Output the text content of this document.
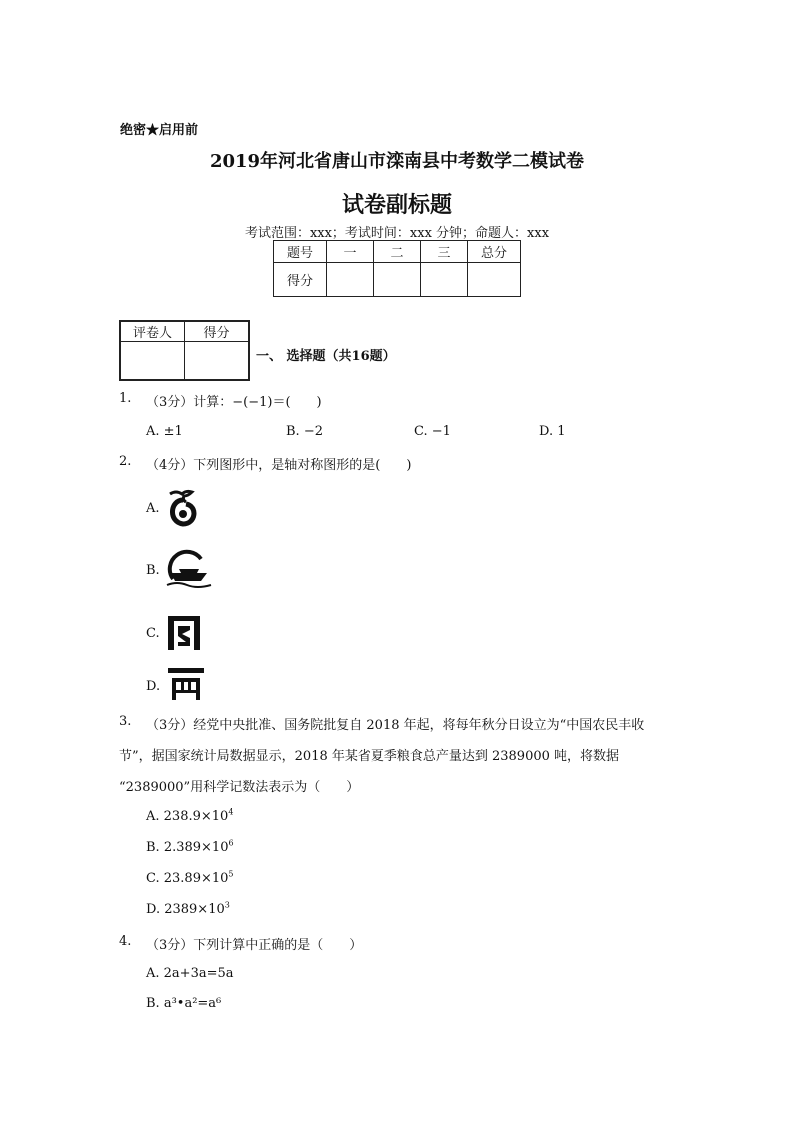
绝密★启用前
2019年河北省唐山市滦南县中考数学二模试卷
试卷副标题
考试范围：xxx；考试时间：xxx 分钟；命题人：xxx
题号	一	二	三	总分
得分				
评卷人	得分

一、 选择题（共16题）
1. （3分）计算：−(−1)＝(　　)
A. ±1	B. −2	C. −1	D. 1
2. （4分）下列图形中，是轴对称图形的是(　　)
A.
B.
C.
D.
3. （3分）经党中央批准、国务院批复自 2018 年起，将每年秋分日设立为“中国农民丰收
节”，据国家统计局数据显示，2018 年某省夏季粮食总产量达到 2389000 吨，将数据
“2389000”用科学记数法表示为（　　）
A. $238.9\times 10^4$
B. $2.389\times 10^6$
C. $23.89\times 10^5$
D. $2389\times 10^3$
4. （3分）下列计算中正确的是（　　）
A. 2a+3a=5a
B. a³•a²=a⁶
